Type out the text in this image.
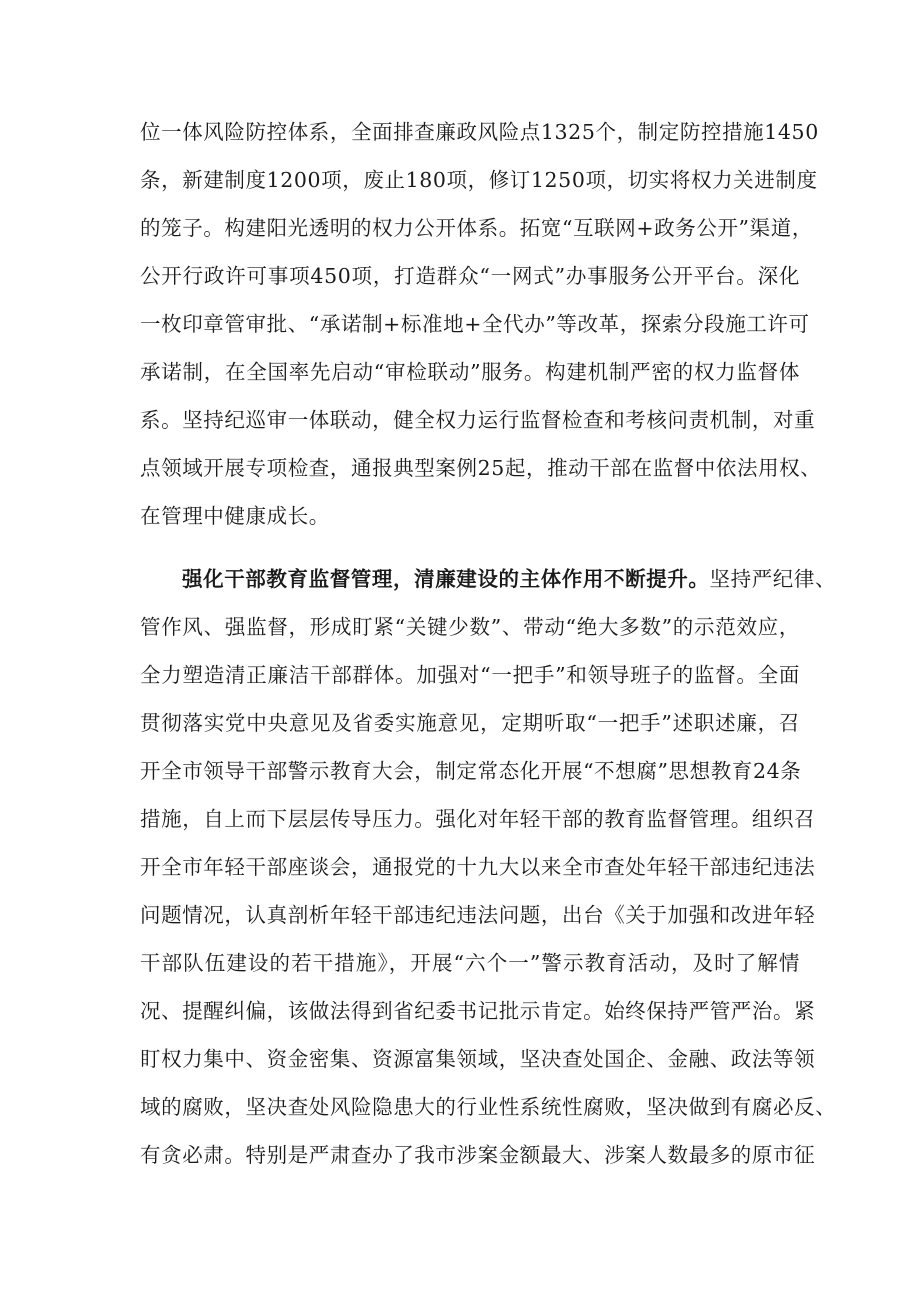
位一体风险防控体系，全面排查廉政风险点1325个，制定防控措施1450
条，新建制度1200项，废止180项，修订1250项，切实将权力关进制度
的笼子。构建阳光透明的权力公开体系。拓宽“互联网+政务公开”渠道，
公开行政许可事项450项，打造群众“一网式”办事服务公开平台。深化
一枚印章管审批、“承诺制+标准地+全代办”等改革，探索分段施工许可
承诺制，在全国率先启动“审检联动”服务。构建机制严密的权力监督体
系。坚持纪巡审一体联动，健全权力运行监督检查和考核问责机制，对重
点领域开展专项检查，通报典型案例25起，推动干部在监督中依法用权、
在管理中健康成长。
强化干部教育监督管理，清廉建设的主体作用不断提升。坚持严纪律、
管作风、强监督，形成盯紧“关键少数”、带动“绝大多数”的示范效应，
全力塑造清正廉洁干部群体。加强对“一把手”和领导班子的监督。全面
贯彻落实党中央意见及省委实施意见，定期听取“一把手”述职述廉，召
开全市领导干部警示教育大会，制定常态化开展“不想腐”思想教育24条
措施，自上而下层层传导压力。强化对年轻干部的教育监督管理。组织召
开全市年轻干部座谈会，通报党的十九大以来全市查处年轻干部违纪违法
问题情况，认真剖析年轻干部违纪违法问题，出台《关于加强和改进年轻
干部队伍建设的若干措施》，开展“六个一”警示教育活动，及时了解情
况、提醒纠偏，该做法得到省纪委书记批示肯定。始终保持严管严治。紧
盯权力集中、资金密集、资源富集领域，坚决查处国企、金融、政法等领
域的腐败，坚决查处风险隐患大的行业性系统性腐败，坚决做到有腐必反、
有贪必肃。特别是严肃查办了我市涉案金额最大、涉案人数最多的原市征
